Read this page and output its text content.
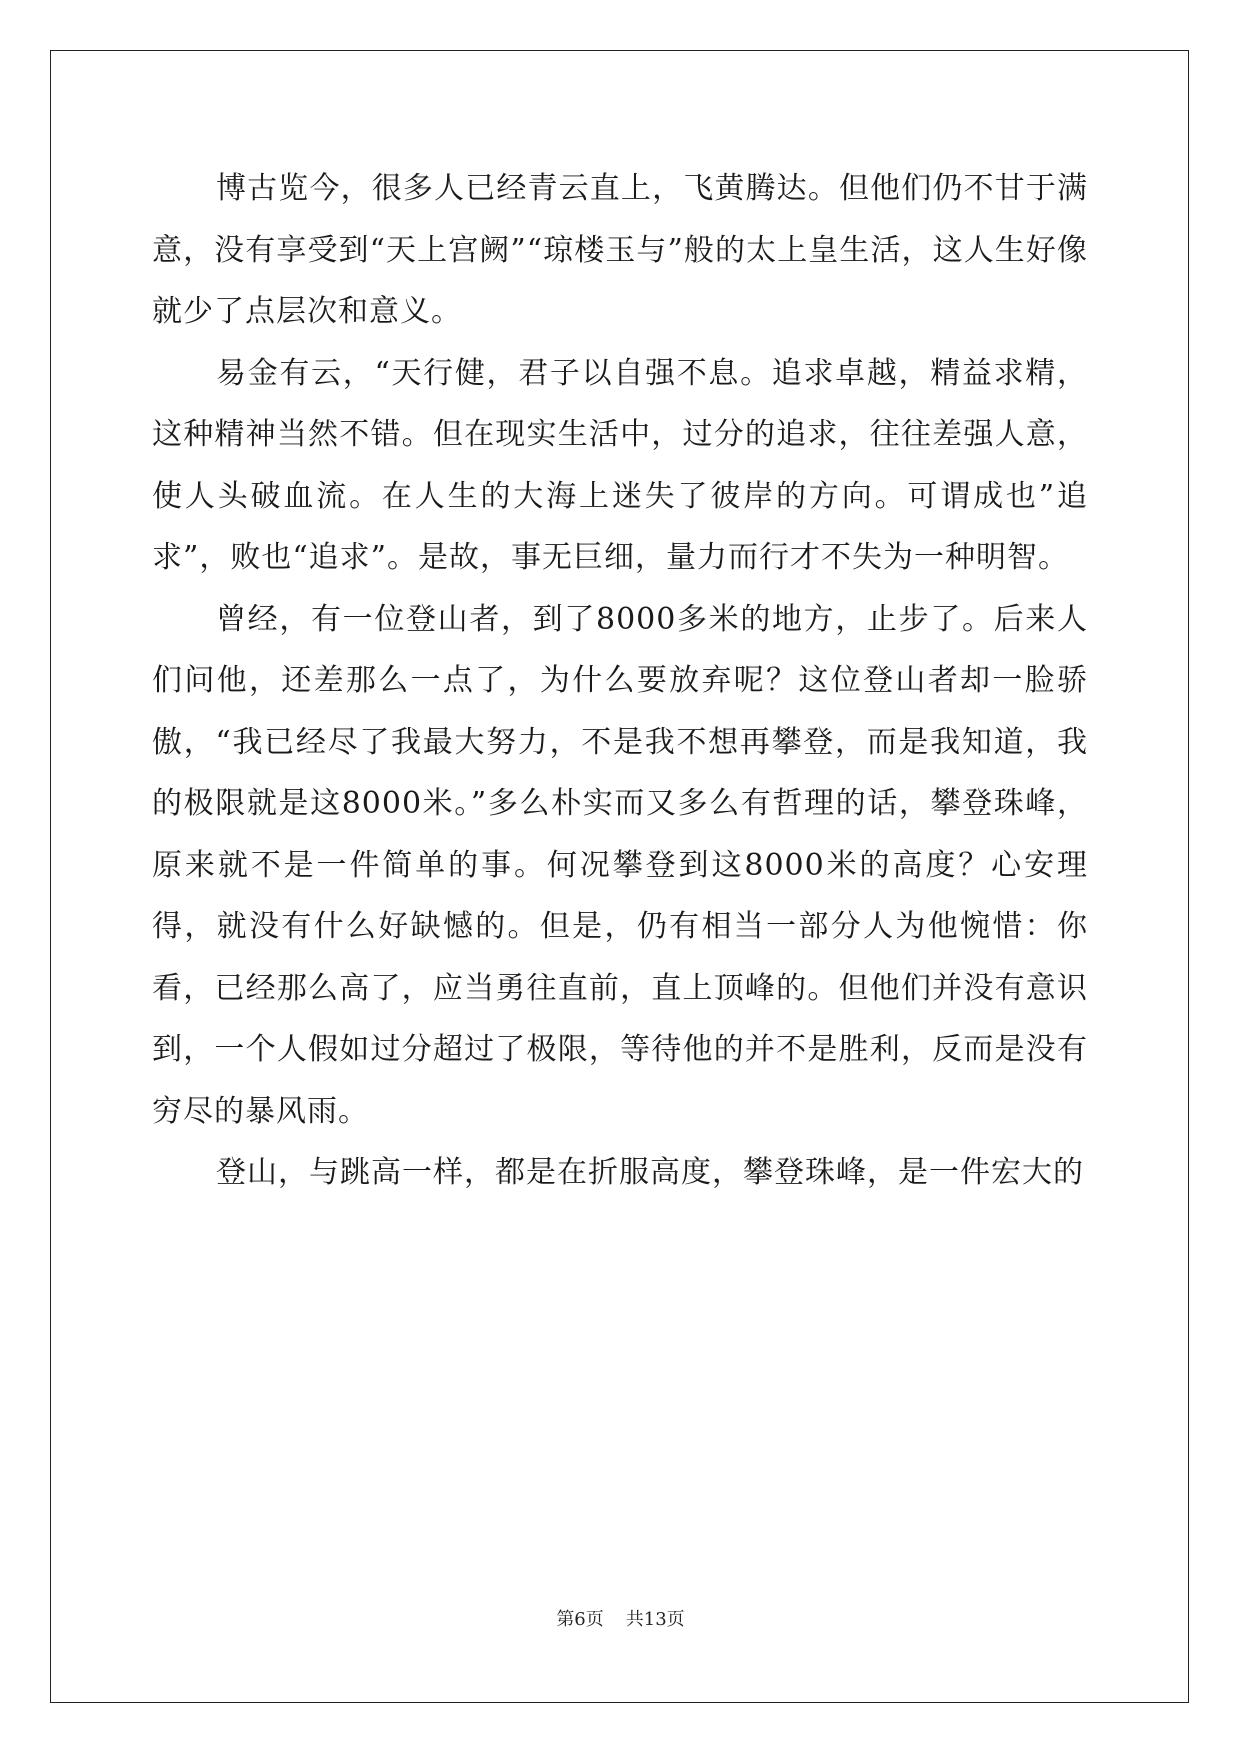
博古览今，很多人已经青云直上，飞黄腾达。但他们仍不甘于满意，没有享受到“天上宫阙”“琼楼玉与”般的太上皇生活，这人生好像就少了点层次和意义。

易金有云，“天行健，君子以自强不息。追求卓越，精益求精，这种精神当然不错。但在现实生活中，过分的追求，往往差强人意，使人头破血流。在人生的大海上迷失了彼岸的方向。可谓成也”追求”，败也“追求”。是故，事无巨细，量力而行才不失为一种明智。

曾经，有一位登山者，到了8000多米的地方，止步了。后来人们问他，还差那么一点了，为什么要放弃呢？这位登山者却一脸骄傲，“我已经尽了我最大努力，不是我不想再攀登，而是我知道，我的极限就是这8000米。”多么朴实而又多么有哲理的话，攀登珠峰，原来就不是一件简单的事。何况攀登到这8000米的高度？心安理得，就没有什么好缺憾的。但是，仍有相当一部分人为他惋惜：你看，已经那么高了，应当勇往直前，直上顶峰的。但他们并没有意识到，一个人假如过分超过了极限，等待他的并不是胜利，反而是没有穷尽的暴风雨。

登山，与跳高一样，都是在折服高度，攀登珠峰，是一件宏大的

第6页 共13页
